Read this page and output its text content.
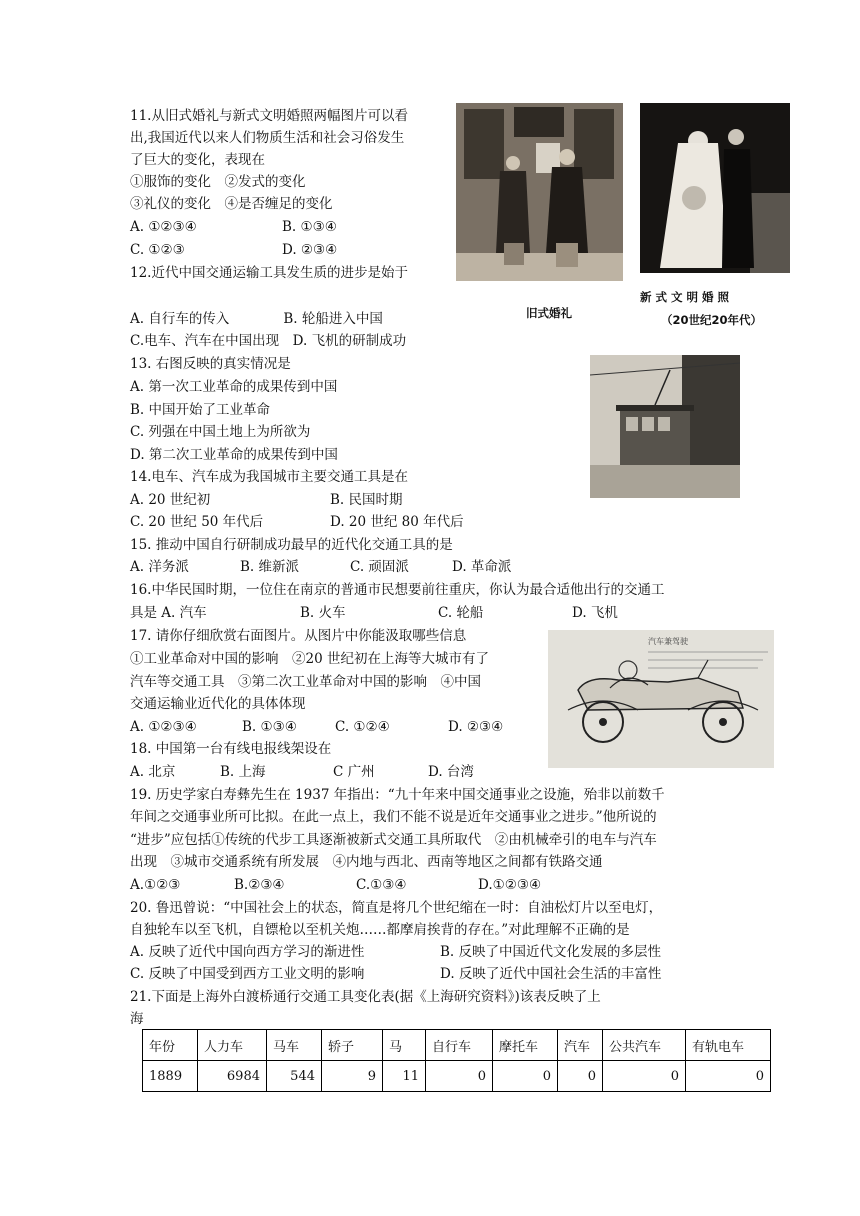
11.从旧式婚礼与新式文明婚照两幅图片可以看
出,我国近代以来人们物质生活和社会习俗发生
了巨大的变化，表现在
①服饰的变化　②发式的变化
③礼仪的变化　④是否缠足的变化
A. ①②③④	B. ①③④
C. ①②③	D. ②③④
旧式婚礼
新 式 文 明 婚 照
（20世纪20年代）
12.近代中国交通运输工具发生质的进步是始于
A. 自行车的传入　　　　B. 轮船进入中国
C.电车、汽车在中国出现　D. 飞机的研制成功
13. 右图反映的真实情况是
A. 第一次工业革命的成果传到中国
B. 中国开始了工业革命
C. 列强在中国土地上为所欲为
D. 第二次工业革命的成果传到中国
14.电车、汽车成为我国城市主要交通工具是在
A. 20 世纪初	B. 民国时期
C. 20 世纪 50 年代后	D. 20 世纪 80 年代后
15. 推动中国自行研制成功最早的近代化交通工具的是
A. 洋务派	B. 维新派	C. 顽固派	D. 革命派
16.中华民国时期，一位住在南京的普通市民想要前往重庆，你认为最合适他出行的交通工
具是 A. 汽车	B. 火车	C. 轮船	D. 飞机
17. 请你仔细欣赏右面图片。从图片中你能汲取哪些信息
①工业革命对中国的影响　②20 世纪初在上海等大城市有了
汽车等交通工具　③第二次工业革命对中国的影响　④中国
交通运输业近代化的具体体现
A. ①②③④	B. ①③④	C. ①②④	D. ②③④
汽车兼驾驶
18. 中国第一台有线电报线架设在
A. 北京	B. 上海	C 广州	D. 台湾
19. 历史学家白寿彝先生在 1937 年指出：“九十年来中国交通事业之设施，殆非以前数千
年间之交通事业所可比拟。在此一点上，我们不能不说是近年交通事业之进步。”他所说的
“进步”应包括①传统的代步工具逐渐被新式交通工具所取代　②由机械牵引的电车与汽车
出现　③城市交通系统有所发展　④内地与西北、西南等地区之间都有铁路交通
A.①②③	B.②③④	C.①③④	D.①②③④
20. 鲁迅曾说：“中国社会上的状态，简直是将几个世纪缩在一时：自油松灯片以至电灯，
自独轮车以至飞机，自镖枪以至机关炮……都摩肩挨背的存在。”对此理解不正确的是
A. 反映了近代中国向西方学习的渐进性	B. 反映了中国近代文化发展的多层性
C. 反映了中国受到西方工业文明的影响	D. 反映了近代中国社会生活的丰富性
21.下面是上海外白渡桥通行交通工具变化表(据《上海研究资料》)该表反映了上
海
年份	人力车	马车	轿子	马	自行车	摩托车	汽车	公共汽车	有轨电车
1889	6984	544	9	11	0	0	0	0	0
